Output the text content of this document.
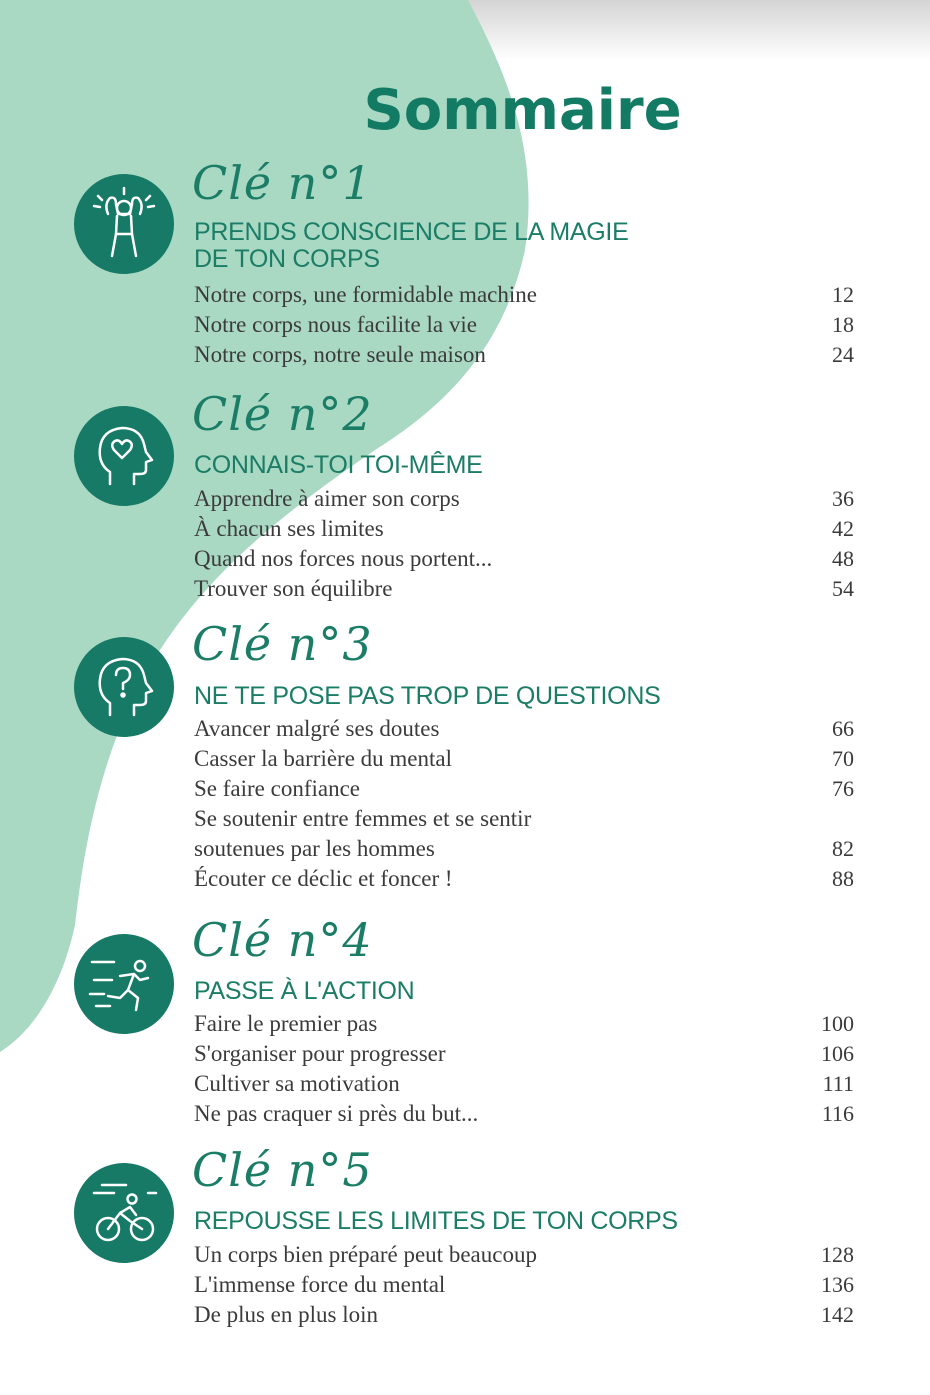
Sommaire
Clé n°1
PRENDS CONSCIENCE DE LA MAGIE
DE TON CORPS
Notre corps, une formidable machine	12
Notre corps nous facilite la vie	18
Notre corps, notre seule maison	24
Clé n°2
CONNAIS-TOI TOI-MÊME
Apprendre à aimer son corps	36
À chacun ses limites	42
Quand nos forces nous portent...	48
Trouver son équilibre	54
Clé n°3
NE TE POSE PAS TROP DE QUESTIONS
Avancer malgré ses doutes	66
Casser la barrière du mental	70
Se faire confiance	76
Se soutenir entre femmes et se sentir
soutenues par les hommes	82
Écouter ce déclic et foncer !	88
Clé n°4
PASSE À L'ACTION
Faire le premier pas	100
S'organiser pour progresser	106
Cultiver sa motivation	111
Ne pas craquer si près du but...	116
Clé n°5
REPOUSSE LES LIMITES DE TON CORPS
Un corps bien préparé peut beaucoup	128
L'immense force du mental	136
De plus en plus loin	142
